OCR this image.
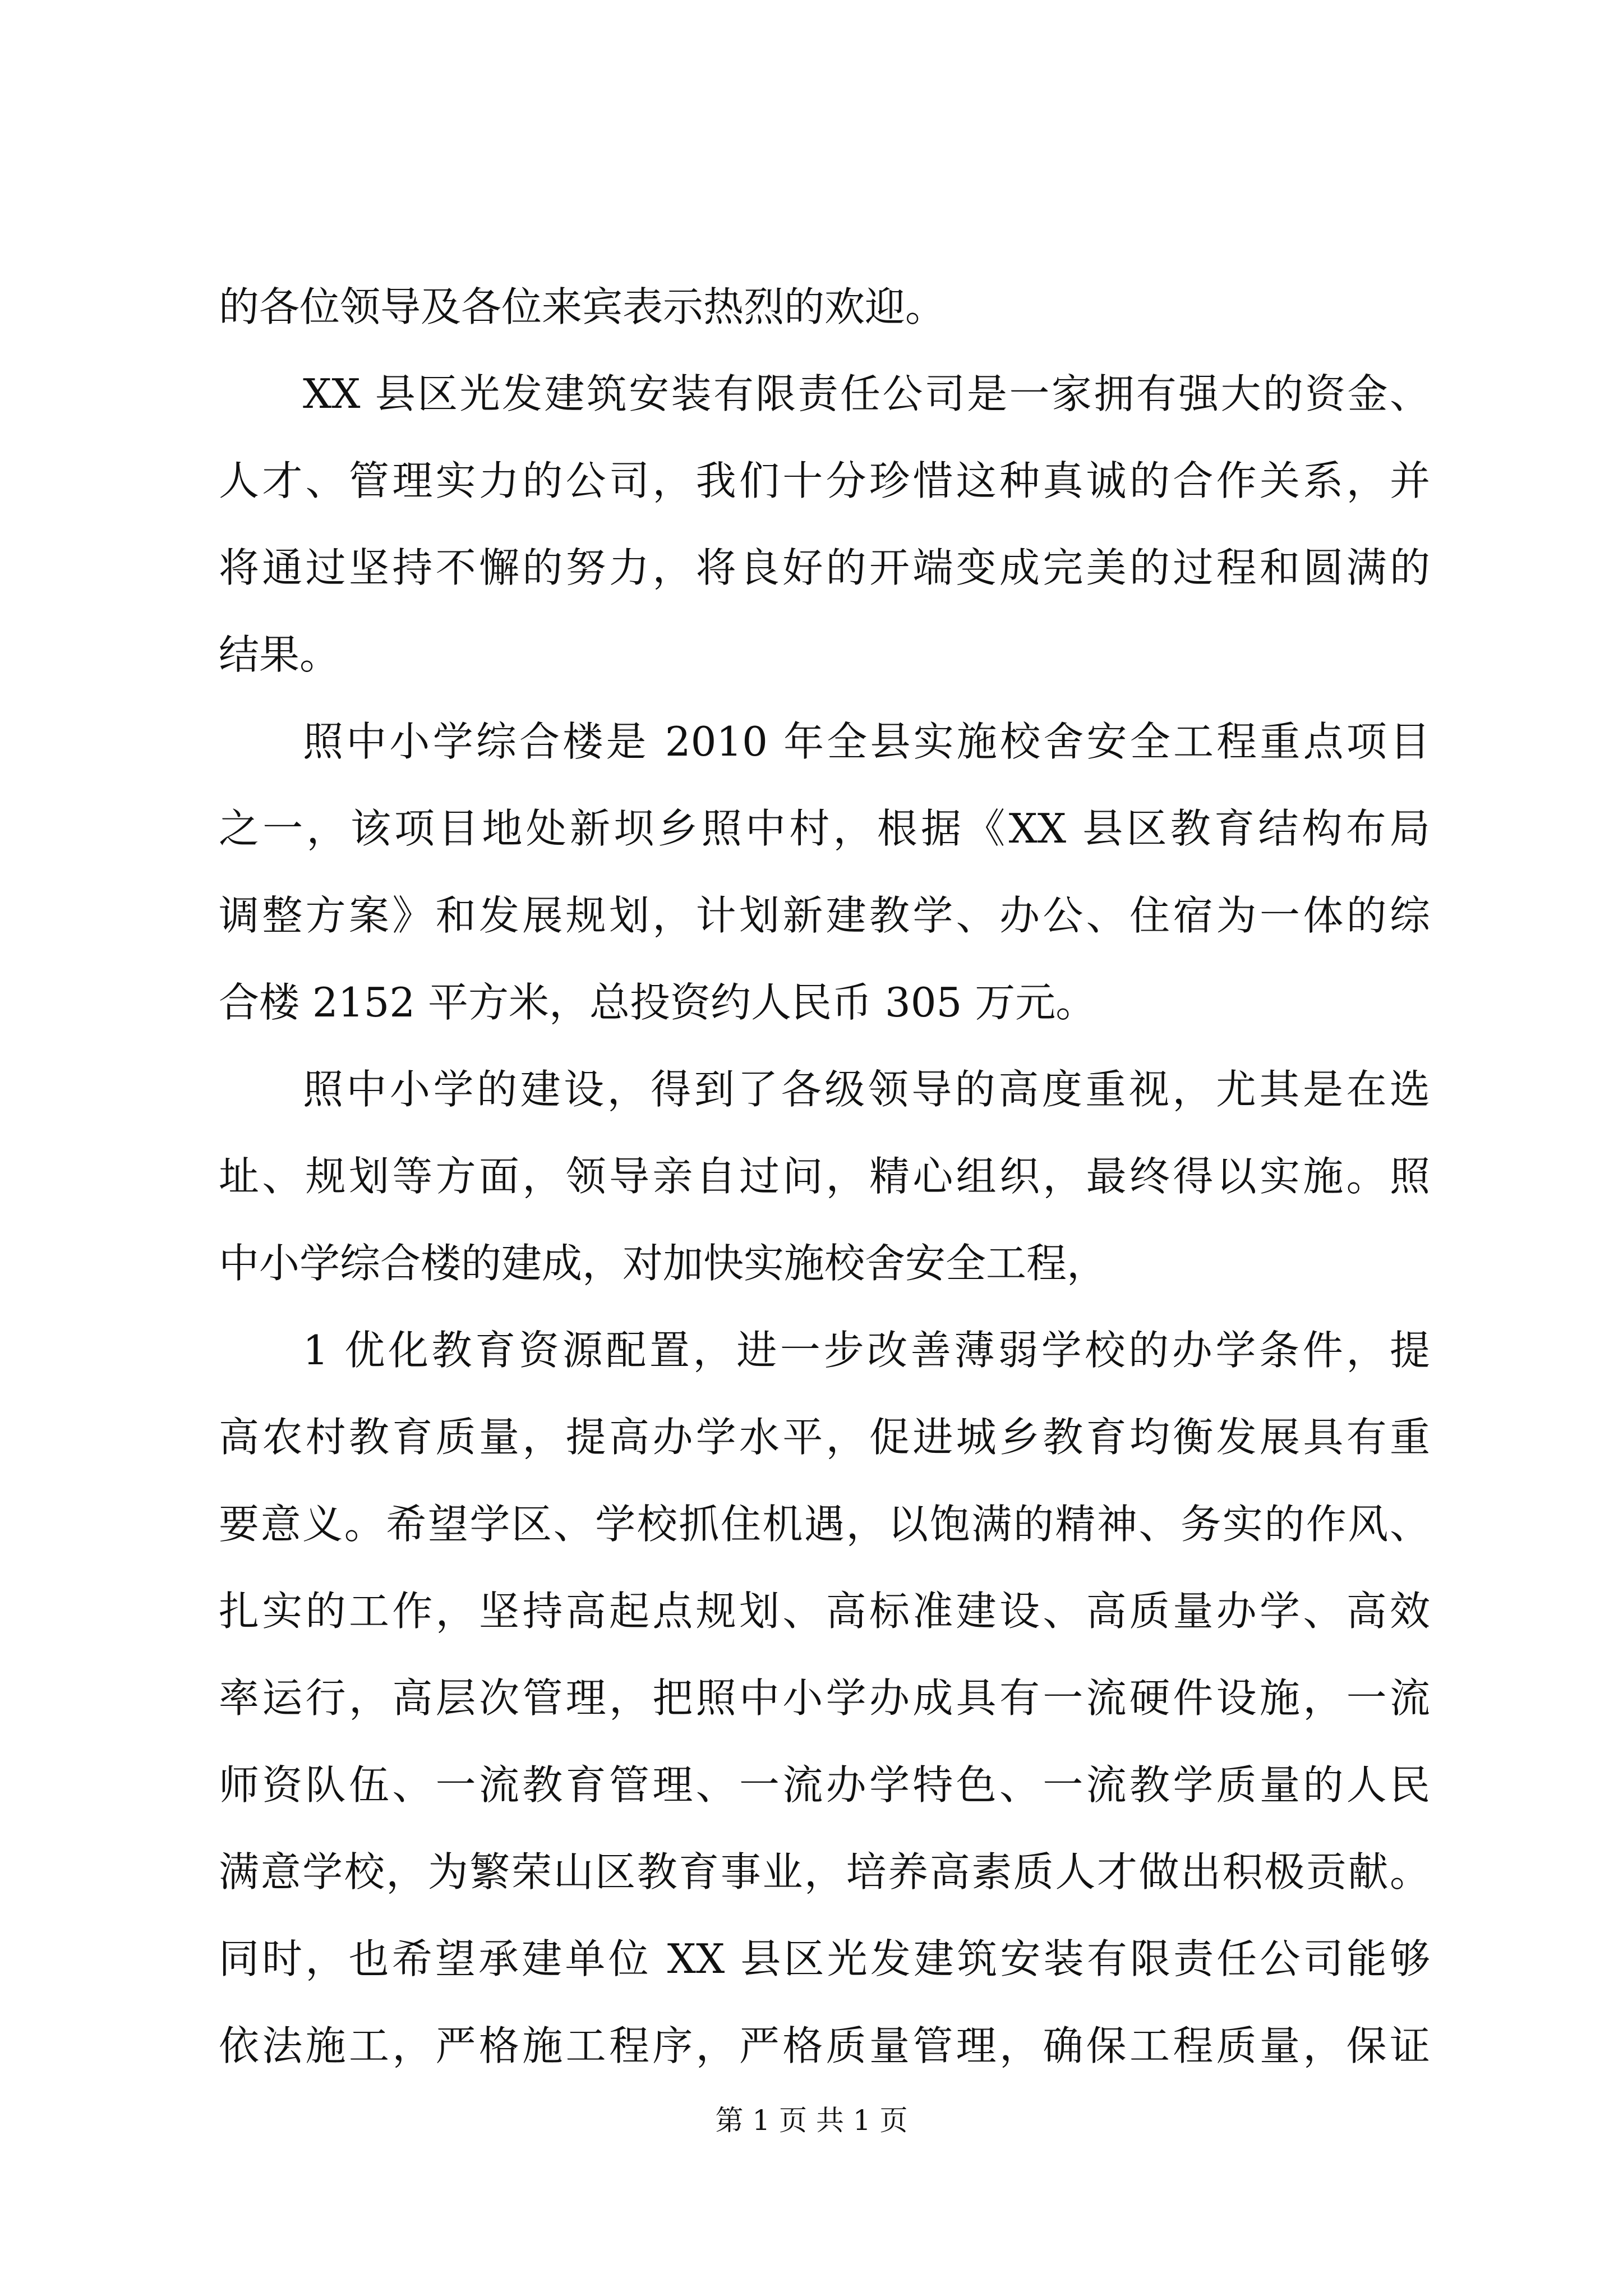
的各位领导及各位来宾表示热烈的欢迎。
XX 县区光发建筑安装有限责任公司是一家拥有强大的资金、
人才、管理实力的公司，我们十分珍惜这种真诚的合作关系，并
将通过坚持不懈的努力，将良好的开端变成完美的过程和圆满的
结果。
照中小学综合楼是 2010 年全县实施校舍安全工程重点项目
之一，该项目地处新坝乡照中村，根据《XX 县区教育结构布局
调整方案》和发展规划，计划新建教学、办公、住宿为一体的综
合楼 2152 平方米，总投资约人民币 305 万元。
照中小学的建设，得到了各级领导的高度重视，尤其是在选
址、规划等方面，领导亲自过问，精心组织，最终得以实施。照
中小学综合楼的建成，对加快实施校舍安全工程，
1 优化教育资源配置，进一步改善薄弱学校的办学条件，提
高农村教育质量，提高办学水平，促进城乡教育均衡发展具有重
要意义。希望学区、学校抓住机遇，以饱满的精神、务实的作风、
扎实的工作，坚持高起点规划、高标准建设、高质量办学、高效
率运行，高层次管理，把照中小学办成具有一流硬件设施，一流
师资队伍、一流教育管理、一流办学特色、一流教学质量的人民
满意学校，为繁荣山区教育事业，培养高素质人才做出积极贡献。
同时，也希望承建单位 XX 县区光发建筑安装有限责任公司能够
依法施工，严格施工程序，严格质量管理，确保工程质量，保证
第 1 页 共 1 页
